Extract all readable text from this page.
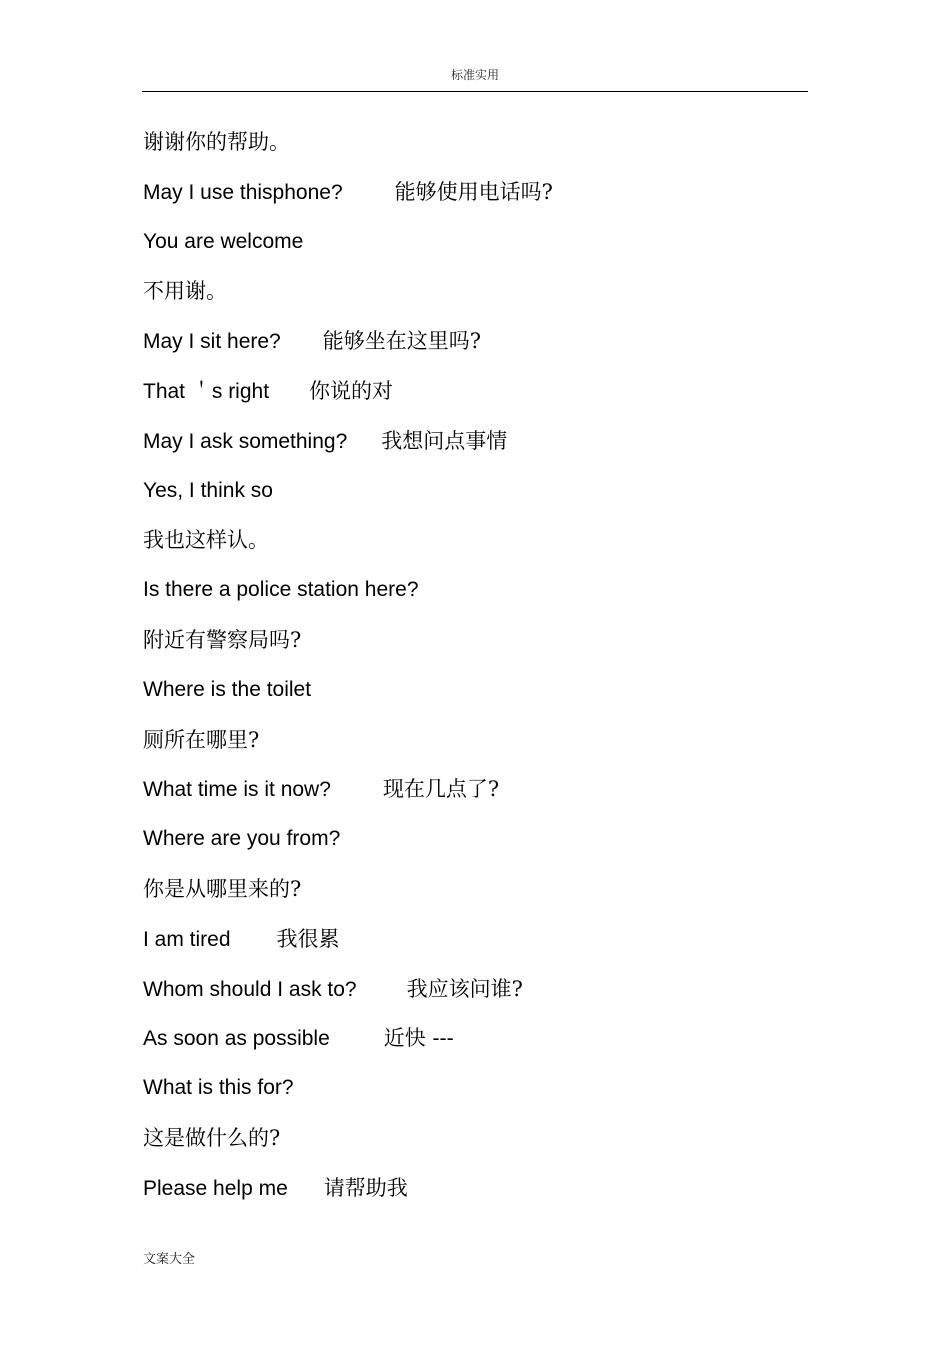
标准实用
谢谢你的帮助。
May I use thisphone? 能够使用电话吗?
You are welcome
不用谢。
May I sit here? 能够坐在这里吗?
That ＇s right 你说的对
May I ask something? 我想问点事情
Yes, I think so
我也这样认。
Is there a police station here?
附近有警察局吗?
Where is the toilet
厕所在哪里?
What time is it now? 现在几点了?
Where are you from?
你是从哪里来的?
I am tired 我很累
Whom should I ask to? 我应该问谁?
As soon as possible	近快 ---
What is this for?
这是做什么的?
Please help me 请帮助我
文案大全
